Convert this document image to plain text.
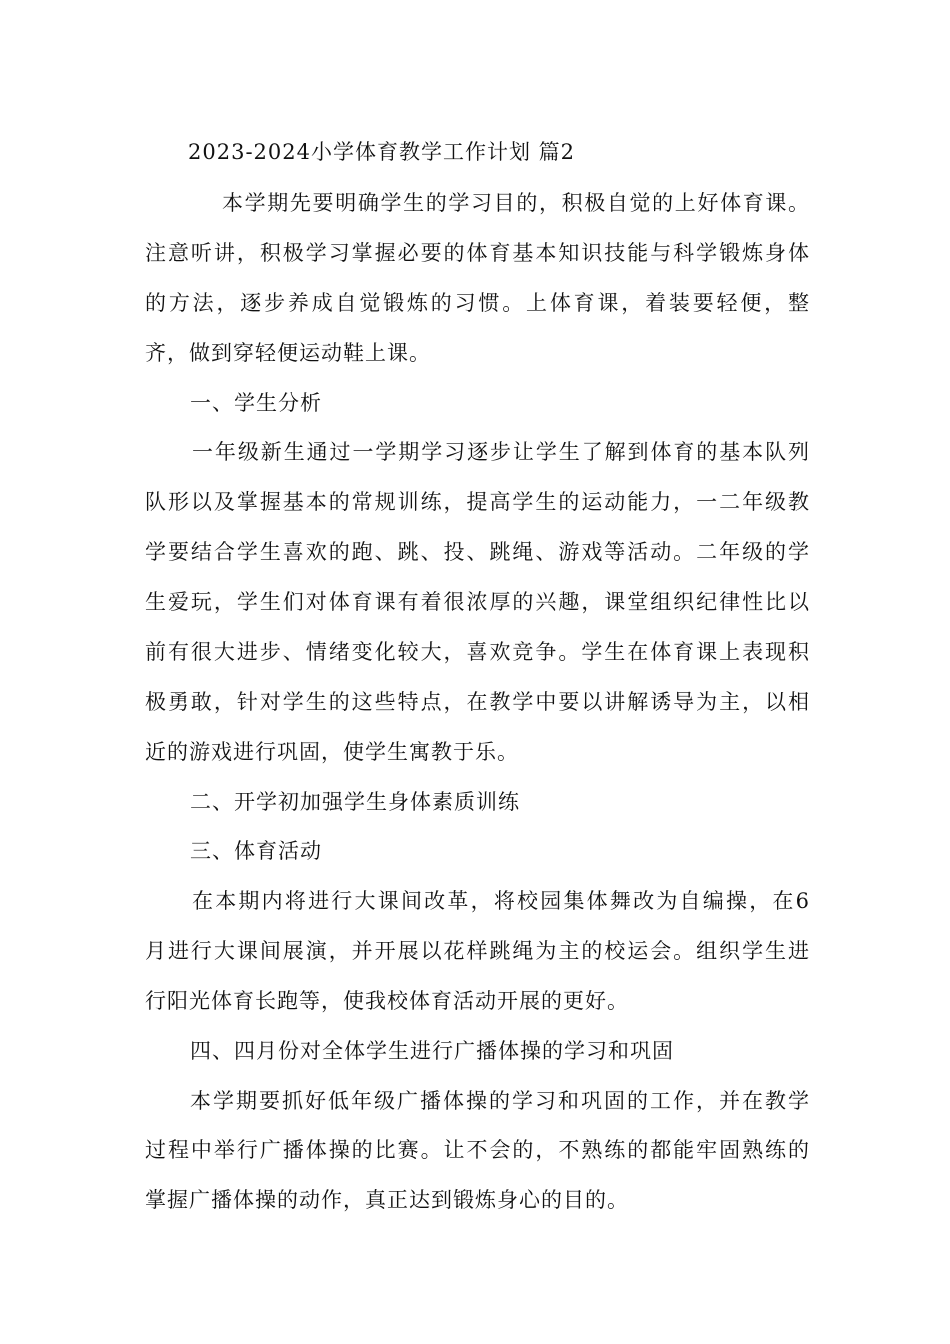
2023-2024小学体育教学工作计划 篇2
本学期先要明确学生的学习目的，积极自觉的上好体育课。
注意听讲，积极学习掌握必要的体育基本知识技能与科学锻炼身体
的方法，逐步养成自觉锻炼的习惯。上体育课，着装要轻便，整
齐，做到穿轻便运动鞋上课。
一、学生分析
一年级新生通过一学期学习逐步让学生了解到体育的基本队列
队形以及掌握基本的常规训练，提高学生的运动能力，一二年级教
学要结合学生喜欢的跑、跳、投、跳绳、游戏等活动。二年级的学
生爱玩，学生们对体育课有着很浓厚的兴趣，课堂组织纪律性比以
前有很大进步、情绪变化较大，喜欢竞争。学生在体育课上表现积
极勇敢，针对学生的这些特点，在教学中要以讲解诱导为主，以相
近的游戏进行巩固，使学生寓教于乐。
二、开学初加强学生身体素质训练
三、体育活动
在本期内将进行大课间改革，将校园集体舞改为自编操，在6
月进行大课间展演，并开展以花样跳绳为主的校运会。组织学生进
行阳光体育长跑等，使我校体育活动开展的更好。
四、四月份对全体学生进行广播体操的学习和巩固
本学期要抓好低年级广播体操的学习和巩固的工作，并在教学
过程中举行广播体操的比赛。让不会的，不熟练的都能牢固熟练的
掌握广播体操的动作，真正达到锻炼身心的目的。
